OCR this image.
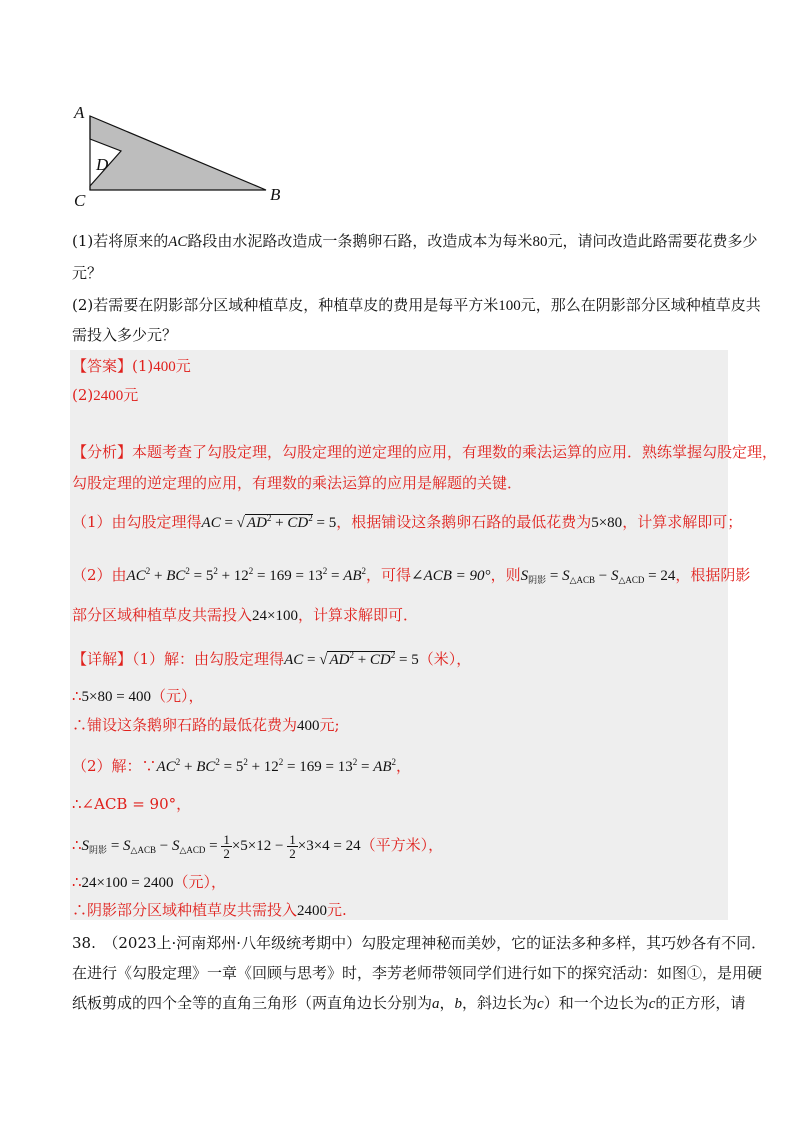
A
B
C
D
(1)若将原来的AC路段由水泥路改造成一条鹅卵石路，改造成本为每米80元，请问改造此路需要花费多少
元？
(2)若需要在阴影部分区域种植草皮，种植草皮的费用是每平方米100元，那么在阴影部分区域种植草皮共
需投入多少元？
【答案】(1)400元
(2)2400元
【分析】本题考查了勾股定理，勾股定理的逆定理的应用，有理数的乘法运算的应用．熟练掌握勾股定理，
勾股定理的逆定理的应用，有理数的乘法运算的应用是解题的关键．
（1）由勾股定理得AC = √ $AD^2 + CD^2 = 5$，根据铺设这条鹅卵石路的最低花费为5×80，计算求解即可；
（2）由$AC^2 + BC^2 = 5^2 + 12^2 = 169 = 13^2 = AB^2$，可得∠ACB = 90°，则$S_{阴影} = S_{\triangle ACB} - S_{\triangle ACD} = 24$，根据阴影
部分区域种植草皮共需投入24×100，计算求解即可．
【详解】（1）解：由勾股定理得AC = √ $AD^2 + CD^2 = 5$（米），
∴5×80 = 400（元），
∴铺设这条鹅卵石路的最低花费为400元;
（2）解：$\because AC^2 + BC^2 = 5^2 + 12^2 = 169 = 13^2 = AB^2$，
∴∠ACB = 90°，
$\therefore S_{阴影} = S_{\triangle ACB} - S_{\triangle ACD} = \frac{1}{2} \times 5\times 12 - \frac{1}{2} \times 3\times 4 = 24$（平方米），
∴24×100 = 2400（元），
∴阴影部分区域种植草皮共需投入2400元.
38.　（2023上·河南郑州·八年级统考期中）勾股定理神秘而美妙，它的证法多种多样，其巧妙各有不同．
在进行《勾股定理》一章《回顾与思考》时，李芳老师带领同学们进行如下的探究活动：如图①，是用硬
纸板剪成的四个全等的直角三角形（两直角边长分别为a，b，斜边长为c）和一个边长为c的正方形，请
